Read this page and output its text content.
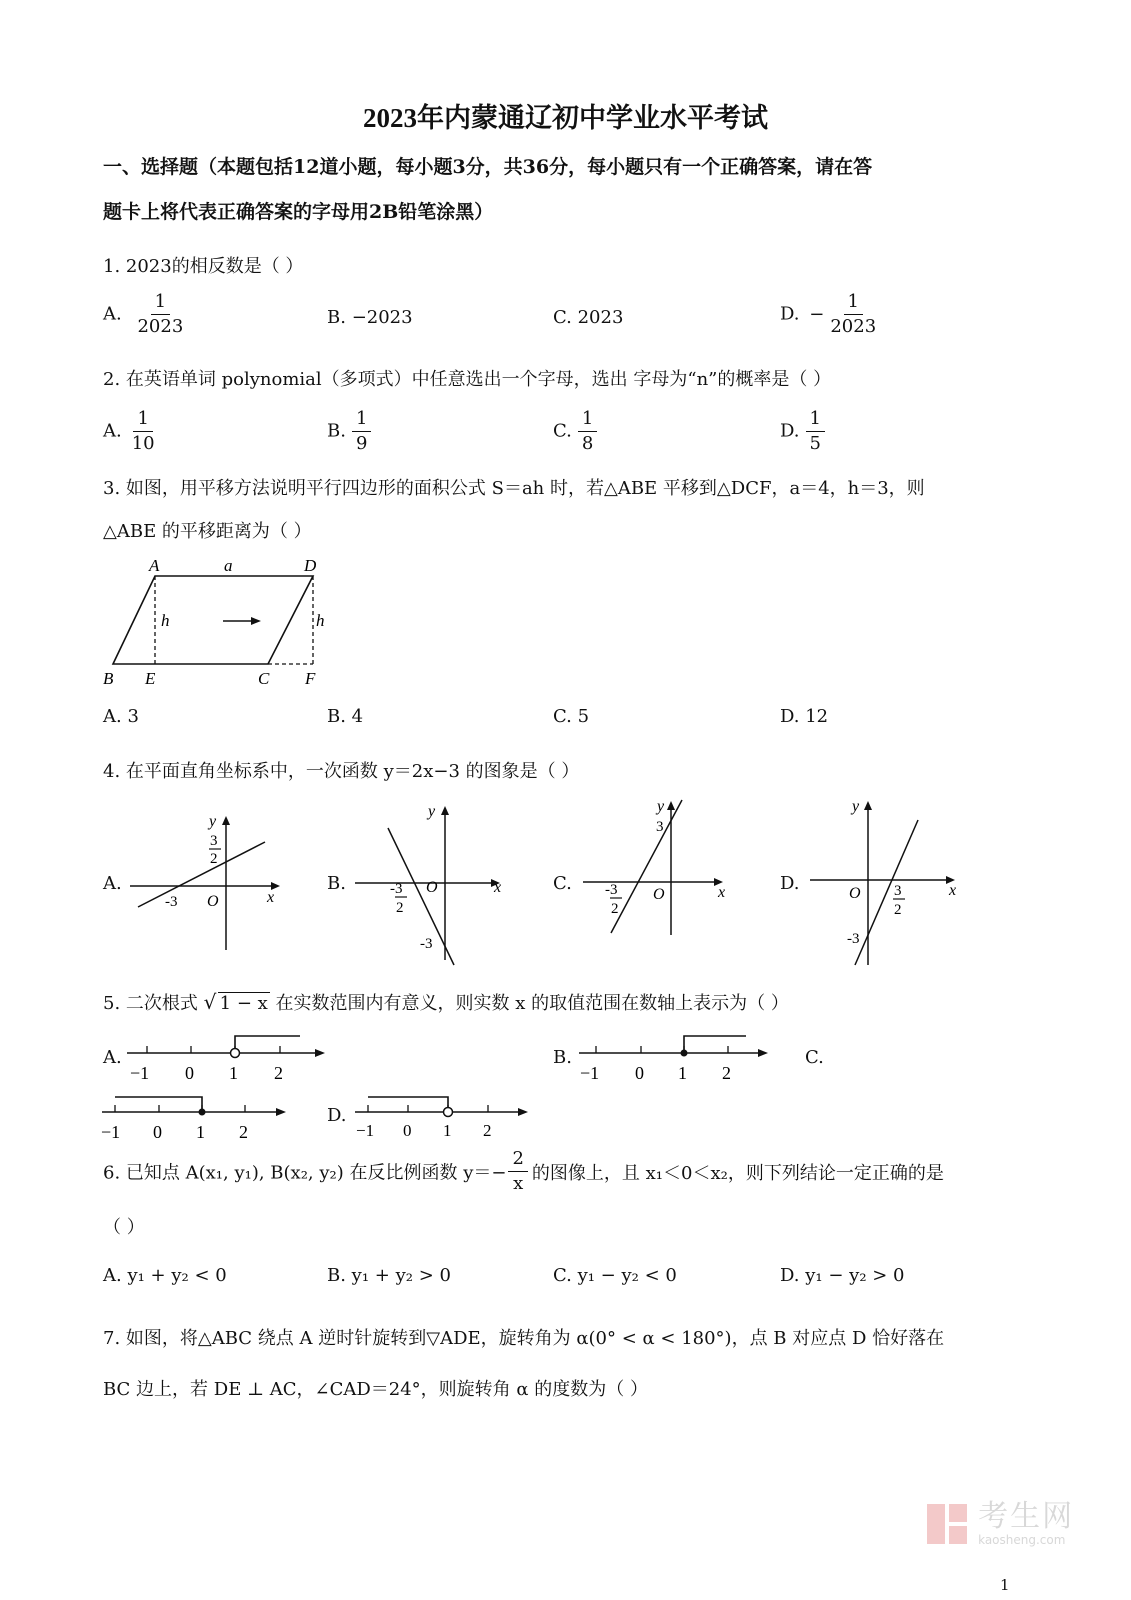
2023年内蒙通辽初中学业水平考试
一、选择题（本题包括12道小题，每小题3分，共36分，每小题只有一个正确答案，请在答
题卡上将代表正确答案的字母用2B铅笔涂黑）
1. 2023的相反数是（ ）
A. $\frac{1}{2023}$	B. −2023	C. 2023	D. − $\frac{1}{2023}$
2. 在英语单词 polynomial（多项式）中任意选出一个字母，选出 字母为“n”的概率是（ ）
A. $\frac{1}{10}$	B. $\frac{1}{9}$	C. $\frac{1}{8}$	D. $\frac{1}{5}$
3. 如图，用平移方法说明平行四边形的面积公式 S＝ah 时，若△ABE 平移到△DCF，a＝4，h＝3，则
△ABE 的平移距离为（ ）
A	a	D
h	h
B E	C F
A. 3	B. 4	C. 5	D. 12
4. 在平面直角坐标系中，一次函数 y＝2x−3 的图象是（ ）
A.
y
x
O
3
2
-3
B.
y
x
O
-3
2
-3
C.
y
x
O
3
-3
2
D.
y
x
O 3
2
-3
5. 二次根式 √ 1 − x 在实数范围内有意义，则实数 x 的取值范围在数轴上表示为（ ）
A.
−1 0 1 2
B.
−1 0 1 2
C.
−1 0 1 2
D.
−1 0 1 2
6. 已知点 A(x₁, y₁), B(x₂, y₂) 在反比例函数 $y=- \frac{2}{x}$ 的图像上，且 x₁＜0＜x₂，则下列结论一定正确的是
（ ）
A. y₁ + y₂ < 0	B. y₁ + y₂ > 0	C. y₁ − y₂ < 0	D. y₁ − y₂ > 0
7. 如图，将△ABC 绕点 A 逆时针旋转到▽ADE，旋转角为 α(0° < α < 180°)，点 B 对应点 D 恰好落在
BC 边上，若 DE ⊥ AC，∠CAD＝24°，则旋转角 α 的度数为（ ）

考生网
kaosheng.com
1
